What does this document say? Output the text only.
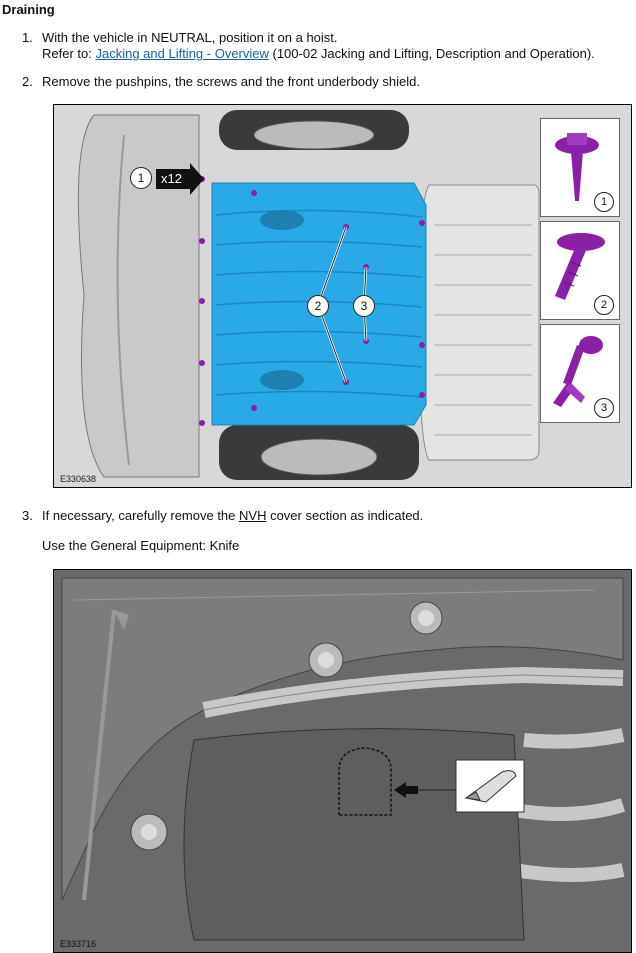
Draining
1. With the vehicle in NEUTRAL, position it on a hoist.
Refer to: Jacking and Lifting - Overview (100-02 Jacking and Lifting, Description and Operation).
2. Remove the pushpins, the screws and the front underbody shield.
1	x12
2	3
1
2
3
E330638
3. If necessary, carefully remove the NVH cover section as indicated.
Use the General Equipment: Knife
E333716
